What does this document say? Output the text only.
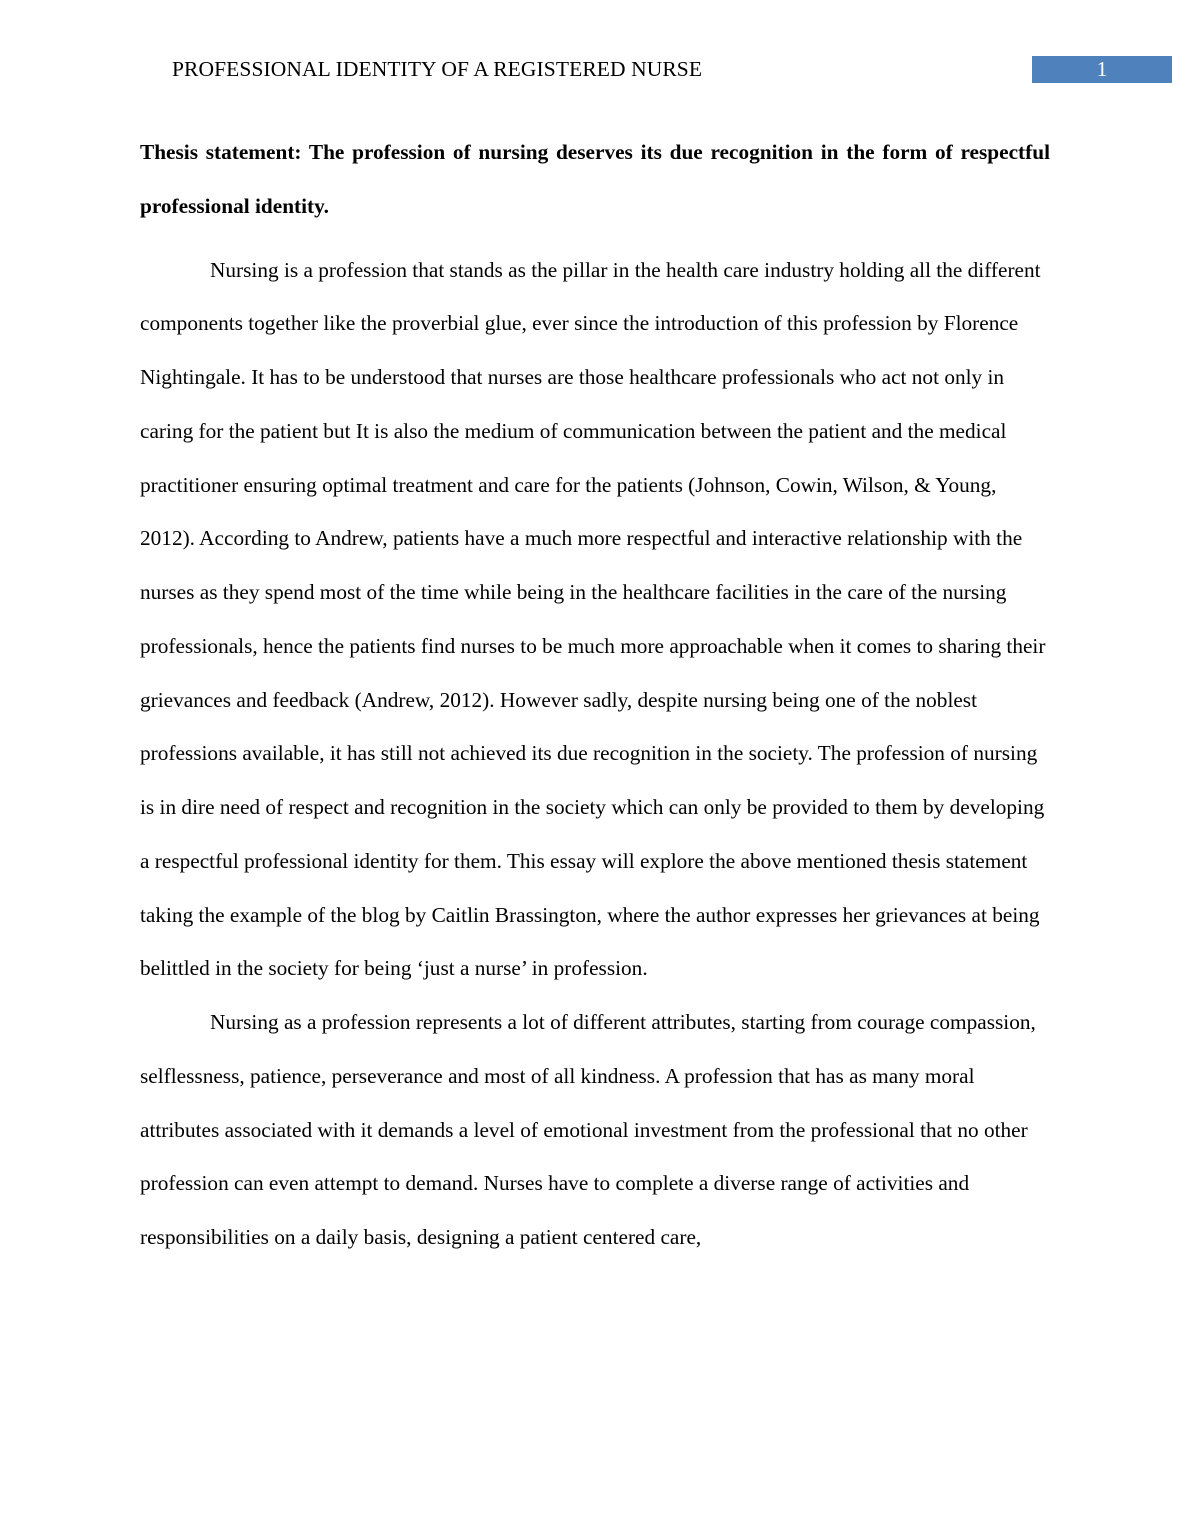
PROFESSIONAL IDENTITY OF A REGISTERED NURSE	1

Thesis statement: The profession of nursing deserves its due recognition in the form of respectful professional identity.

Nursing is a profession that stands as the pillar in the health care industry holding all the different components together like the proverbial glue, ever since the introduction of this profession by Florence Nightingale. It has to be understood that nurses are those healthcare professionals who act not only in caring for the patient but It is also the medium of communication between the patient and the medical practitioner ensuring optimal treatment and care for the patients (Johnson, Cowin, Wilson, & Young, 2012). According to Andrew, patients have a much more respectful and interactive relationship with the nurses as they spend most of the time while being in the healthcare facilities in the care of the nursing professionals, hence the patients find nurses to be much more approachable when it comes to sharing their grievances and feedback (Andrew, 2012). However sadly, despite nursing being one of the noblest professions available, it has still not achieved its due recognition in the society. The profession of nursing is in dire need of respect and recognition in the society which can only be provided to them by developing a respectful professional identity for them. This essay will explore the above mentioned thesis statement taking the example of the blog by Caitlin Brassington, where the author expresses her grievances at being belittled in the society for being ‘just a nurse’ in profession.

Nursing as a profession represents a lot of different attributes, starting from courage compassion, selflessness, patience, perseverance and most of all kindness. A profession that has as many moral attributes associated with it demands a level of emotional investment from the professional that no other profession can even attempt to demand. Nurses have to complete a diverse range of activities and responsibilities on a daily basis, designing a patient centered care,
